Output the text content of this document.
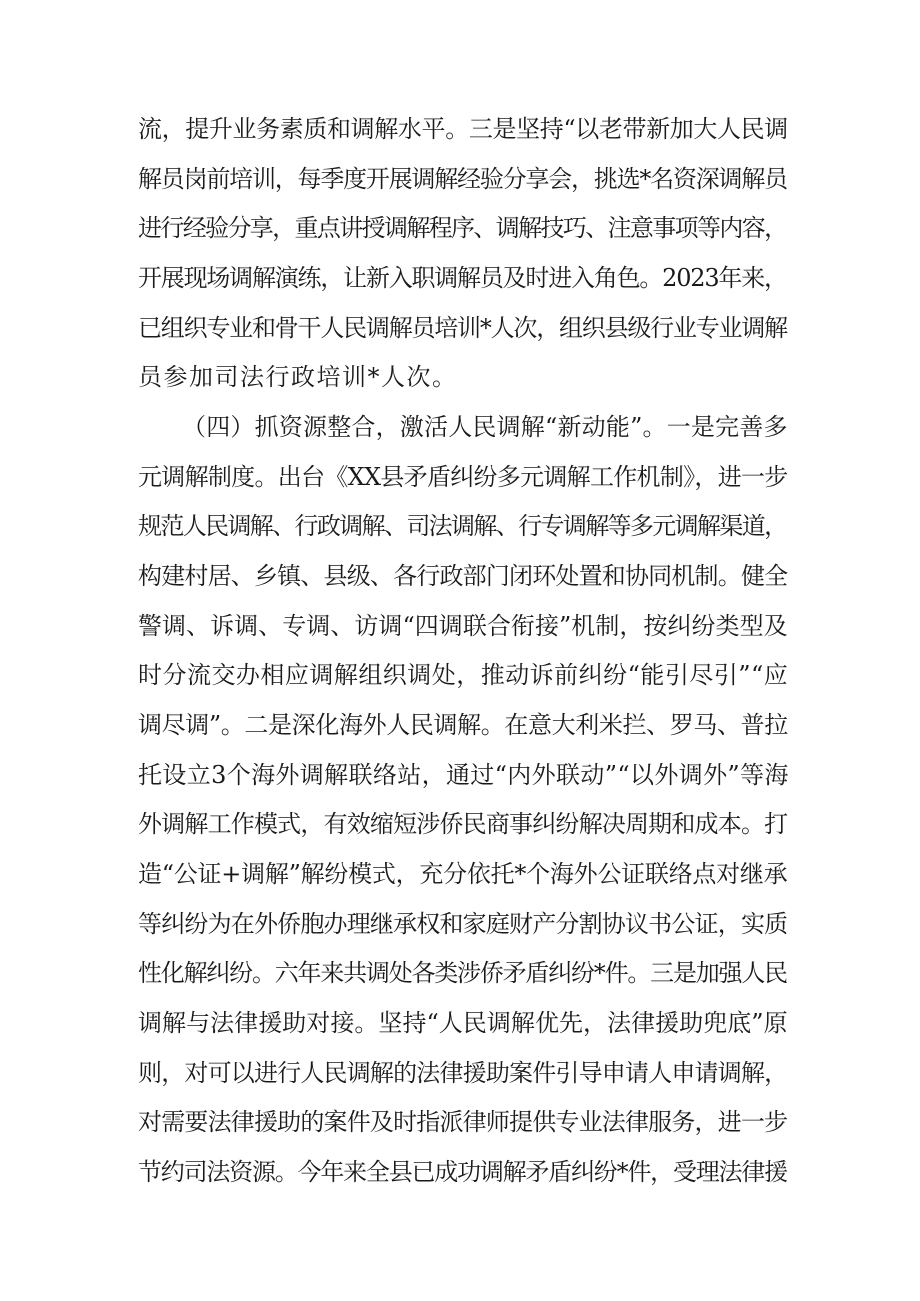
流，提升业务素质和调解水平。三是坚持“以老带新加大人民调
解员岗前培训，每季度开展调解经验分享会，挑选*名资深调解员
进行经验分享，重点讲授调解程序、调解技巧、注意事项等内容，
开展现场调解演练，让新入职调解员及时进入角色。2023年来，
已组织专业和骨干人民调解员培训*人次，组织县级行业专业调解
员参加司法行政培训*人次。
（四）抓资源整合，激活人民调解“新动能”。一是完善多
元调解制度。出台《XX县矛盾纠纷多元调解工作机制》，进一步
规范人民调解、行政调解、司法调解、行专调解等多元调解渠道，
构建村居、乡镇、县级、各行政部门闭环处置和协同机制。健全
警调、诉调、专调、访调“四调联合衔接”机制，按纠纷类型及
时分流交办相应调解组织调处，推动诉前纠纷“能引尽引”“应
调尽调”。二是深化海外人民调解。在意大利米拦、罗马、普拉
托设立3个海外调解联络站，通过“内外联动”“以外调外”等海
外调解工作模式，有效缩短涉侨民商事纠纷解决周期和成本。打
造“公证+调解”解纷模式，充分依托*个海外公证联络点对继承
等纠纷为在外侨胞办理继承权和家庭财产分割协议书公证，实质
性化解纠纷。六年来共调处各类涉侨矛盾纠纷*件。三是加强人民
调解与法律援助对接。坚持“人民调解优先，法律援助兜底”原
则，对可以进行人民调解的法律援助案件引导申请人申请调解，
对需要法律援助的案件及时指派律师提供专业法律服务，进一步
节约司法资源。今年来全县已成功调解矛盾纠纷*件，受理法律援
